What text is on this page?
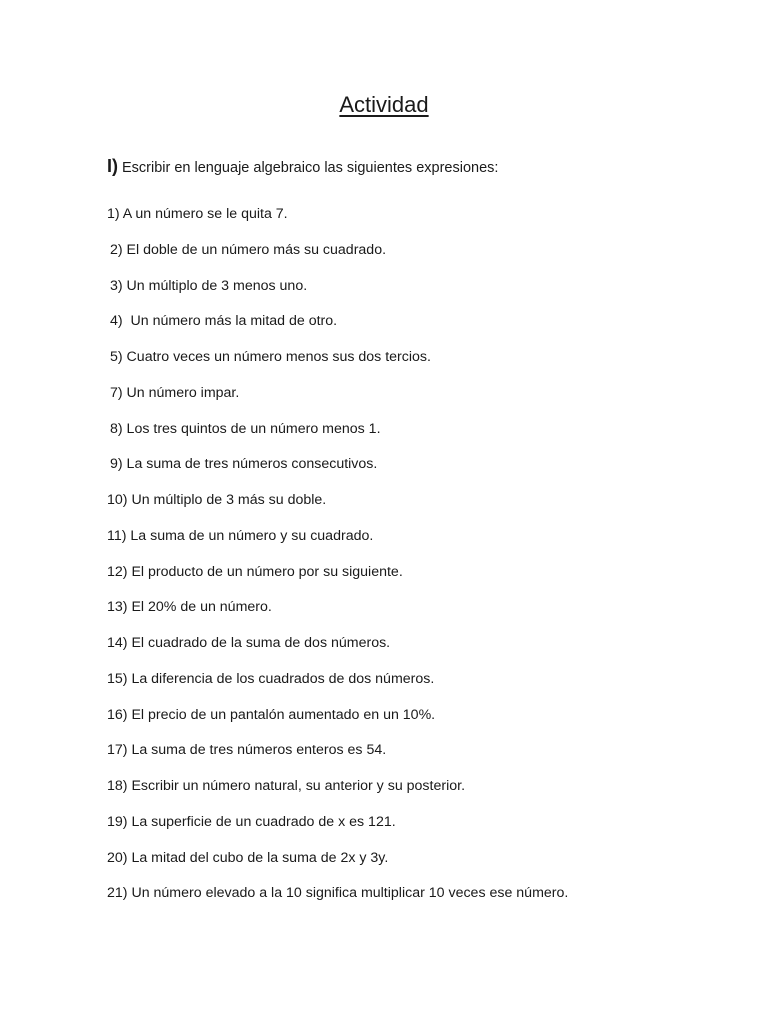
Actividad
I) Escribir en lenguaje algebraico las siguientes expresiones:
1) A un número se le quita 7.
2) El doble de un número más su cuadrado.
3) Un múltiplo de 3 menos uno.
4)  Un número más la mitad de otro.
5) Cuatro veces un número menos sus dos tercios.
7) Un número impar.
8) Los tres quintos de un número menos 1.
9) La suma de tres números consecutivos.
10) Un múltiplo de 3 más su doble.
11) La suma de un número y su cuadrado.
12) El producto de un número por su siguiente.
13) El 20% de un número.
14) El cuadrado de la suma de dos números.
15) La diferencia de los cuadrados de dos números.
16) El precio de un pantalón aumentado en un 10%.
17) La suma de tres números enteros es 54.
18) Escribir un número natural, su anterior y su posterior.
19) La superficie de un cuadrado de x es 121.
20) La mitad del cubo de la suma de 2x y 3y.
21) Un número elevado a la 10 significa multiplicar 10 veces ese número.
